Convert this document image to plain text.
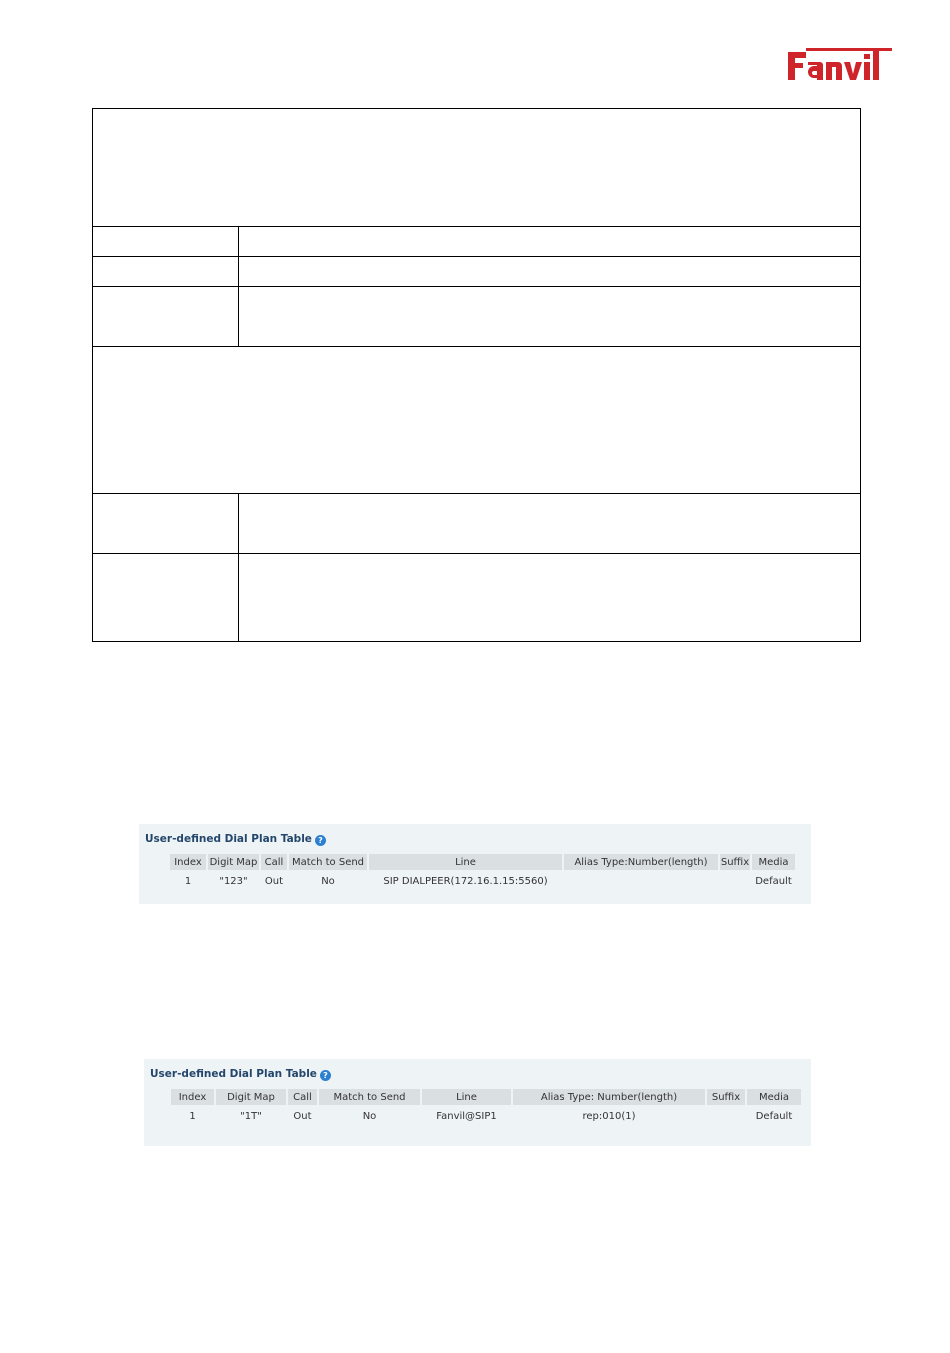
User-defined Dial Plan Table ?
Index	Digit Map	Call	Match to Send	Line	Alias Type:Number(length)	Suffix	Media
1	"123"	Out	No	SIP DIALPEER(172.16.1.15:5560)			Default
User-defined Dial Plan Table ?
Index	Digit Map	Call	Match to Send	Line	Alias Type: Number(length)	Suffix	Media
1	"1T"	Out	No	Fanvil@SIP1	rep:010(1)		Default
